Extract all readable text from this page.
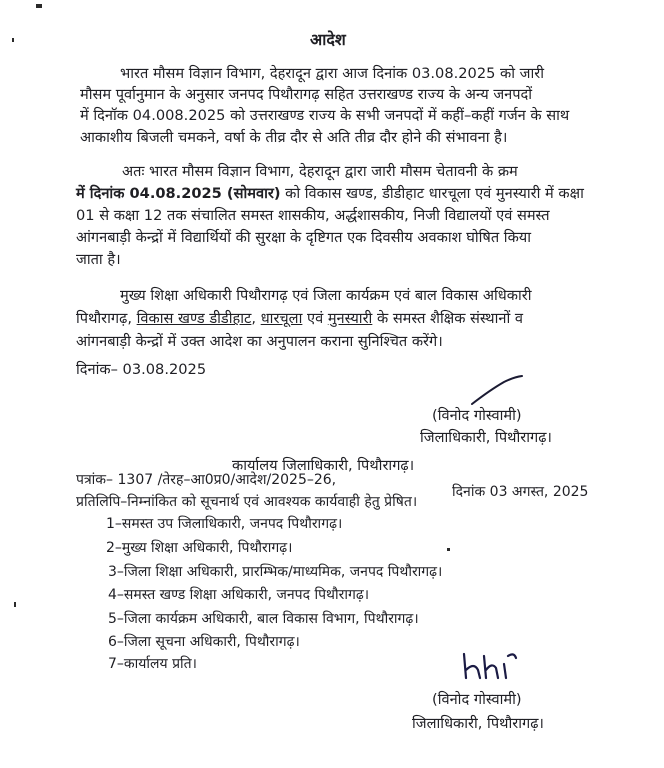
आदेश
भारत मौसम विज्ञान विभाग, देहरादून द्वारा आज दिनांक 03.08.2025 को जारी
मौसम पूर्वानुमान के अनुसार जनपद पिथौरागढ़ सहित उत्तराखण्ड राज्य के अन्य जनपदों
में दिनॉक 04.008.2025 को उत्तराखण्ड राज्य के सभी जनपदों में कहीं–कहीं गर्जन के साथ
आकाशीय बिजली चमकने, वर्षा के तीव्र दौर से अति तीव्र दौर होने की संभावना है।
अतः भारत मौसम विज्ञान विभाग, देहरादून द्वारा जारी मौसम चेतावनी के क्रम
में दिनांक 04.08.2025 (सोमवार) को विकास खण्ड, डीडीहाट धारचूला एवं मुनस्यारी में कक्षा
01 से कक्षा 12 तक संचालित समस्त शासकीय, अर्द्धशासकीय, निजी विद्यालयों एवं समस्त
आंगनबाड़ी केन्द्रों में विद्यार्थियों की सुरक्षा के दृष्टिगत एक दिवसीय अवकाश घोषित किया
जाता है।
मुख्य शिक्षा अधिकारी पिथौरागढ़ एवं जिला कार्यक्रम एवं बाल विकास अधिकारी
पिथौरागढ़, विकास खण्ड डीडीहाट, धारचूला एवं मुनस्यारी के समस्त शैक्षिक संस्थानों व
आंगनबाड़ी केन्द्रों में उक्त आदेश का अनुपालन कराना सुनिश्चित करेंगे।
दिनांक– 03.08.2025
(विनोद गोस्वामी)
जिलाधिकारी, पिथौरागढ़।
कार्यालय जिलाधिकारी, पिथौरागढ़।
पत्रांक– 1307 /तेरह–आ0प्र0/आदेश/2025–26,
दिनांक 03 अगस्त, 2025
प्रतिलिपि–निम्नांकित को सूचनार्थ एवं आवश्यक कार्यवाही हेतु प्रेषित।
1–समस्त उप जिलाधिकारी, जनपद पिथौरागढ़।
2–मुख्य शिक्षा अधिकारी, पिथौरागढ़।
3–जिला शिक्षा अधिकारी, प्रारम्भिक/माध्यमिक, जनपद पिथौरागढ़।
4–समस्त खण्ड शिक्षा अधिकारी, जनपद पिथौरागढ़।
5–जिला कार्यक्रम अधिकारी, बाल विकास विभाग, पिथौरागढ़।
6–जिला सूचना अधिकारी, पिथौरागढ़।
7–कार्यालय प्रति।
(विनोद गोस्वामी)
जिलाधिकारी, पिथौरागढ़।
